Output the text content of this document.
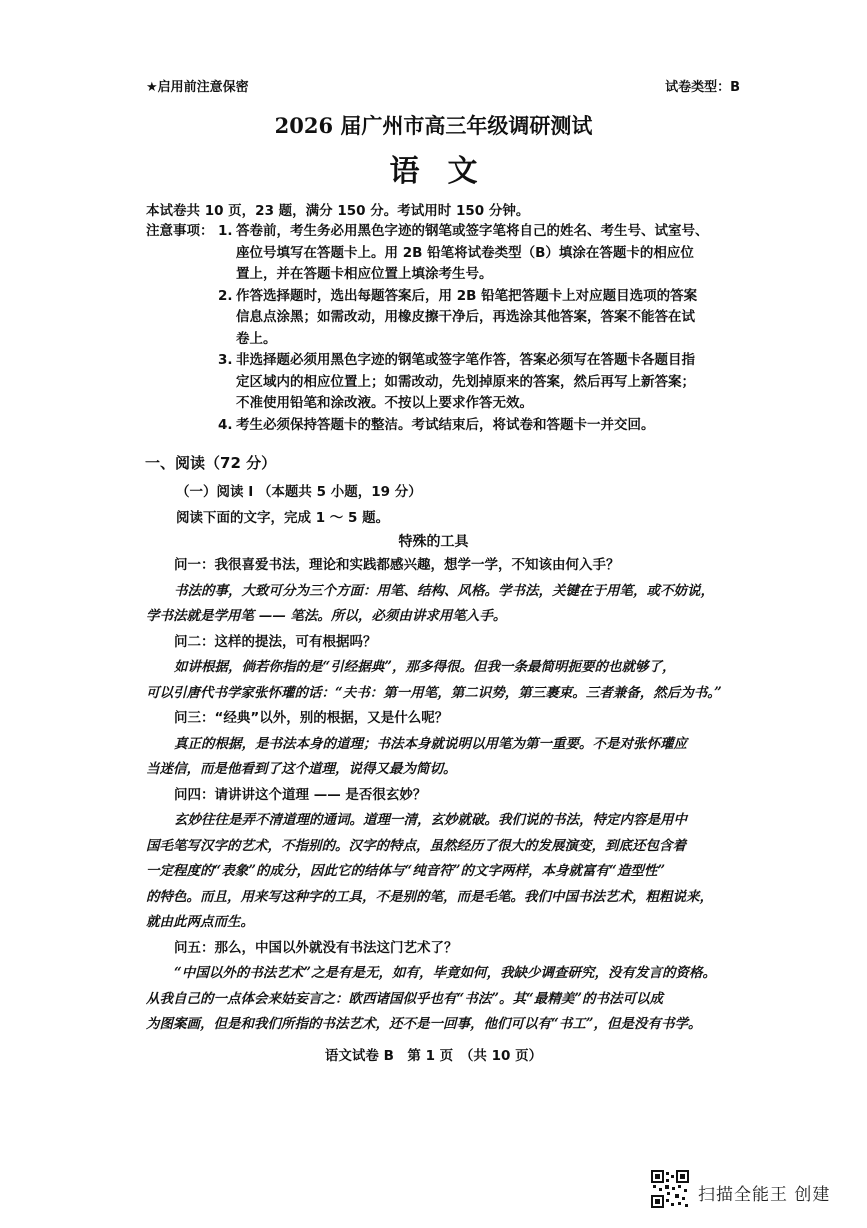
★启用前注意保密	试卷类型：B
2026 届广州市高三年级调研测试
语文
本试卷共 10 页，23 题，满分 150 分。考试用时 150 分钟。
注意事项： 1. 答卷前，考生务必用黑色字迹的钢笔或签字笔将自己的姓名、考生号、试室号、
座位号填写在答题卡上。用 2B 铅笔将试卷类型（B）填涂在答题卡的相应位
置上，并在答题卡相应位置上填涂考生号。
2. 作答选择题时，选出每题答案后，用 2B 铅笔把答题卡上对应题目选项的答案
信息点涂黑；如需改动，用橡皮擦干净后，再选涂其他答案，答案不能答在试
卷上。
3. 非选择题必须用黑色字迹的钢笔或签字笔作答，答案必须写在答题卡各题目指
定区域内的相应位置上；如需改动，先划掉原来的答案，然后再写上新答案；
不准使用铅笔和涂改液。不按以上要求作答无效。
4. 考生必须保持答题卡的整洁。考试结束后，将试卷和答题卡一并交回。
一、阅读（72 分）
（一）阅读 I （本题共 5 小题，19 分）
阅读下面的文字，完成 1 ～ 5 题。
特殊的工具

问一：我很喜爱书法，理论和实践都感兴趣，想学一学，不知该由何入手？

书法的事，大致可分为三个方面：用笔、结构、风格。学书法，关键在于用笔，或不妨说，
学书法就是学用笔 —— 笔法。所以，必须由讲求用笔入手。

问二：这样的提法，可有根据吗？

如讲根据，倘若你指的是“引经据典”，那多得很。但我一条最简明扼要的也就够了，
可以引唐代书学家张怀瓘的话：“夫书：第一用笔，第二识势，第三裹束。三者兼备，然后为书。”

问三：“经典”以外，别的根据，又是什么呢？

真正的根据，是书法本身的道理；书法本身就说明以用笔为第一重要。不是对张怀瓘应
当迷信，而是他看到了这个道理，说得又最为简切。

问四：请讲讲这个道理 —— 是否很玄妙？

玄妙往往是弄不清道理的通词。道理一清，玄妙就破。我们说的书法，特定内容是用中
国毛笔写汉字的艺术，不指别的。汉字的特点，虽然经历了很大的发展演变，到底还包含着
一定程度的“表象”的成分，因此它的结体与“纯音符”的文字两样，本身就富有“造型性”
的特色。而且，用来写这种字的工具，不是别的笔，而是毛笔。我们中国书法艺术，粗粗说来，
就由此两点而生。

问五：那么，中国以外就没有书法这门艺术了？

“中国以外的书法艺术”之是有是无，如有，毕竟如何，我缺少调查研究，没有发言的资格。
从我自己的一点体会来姑妄言之：欧西诸国似乎也有“书法”。其“最精美”的书法可以成
为图案画，但是和我们所指的书法艺术，还不是一回事，他们可以有“书工”，但是没有书学。

语文试卷 B　第 1 页　（共 10 页）
扫描全能王 创建
